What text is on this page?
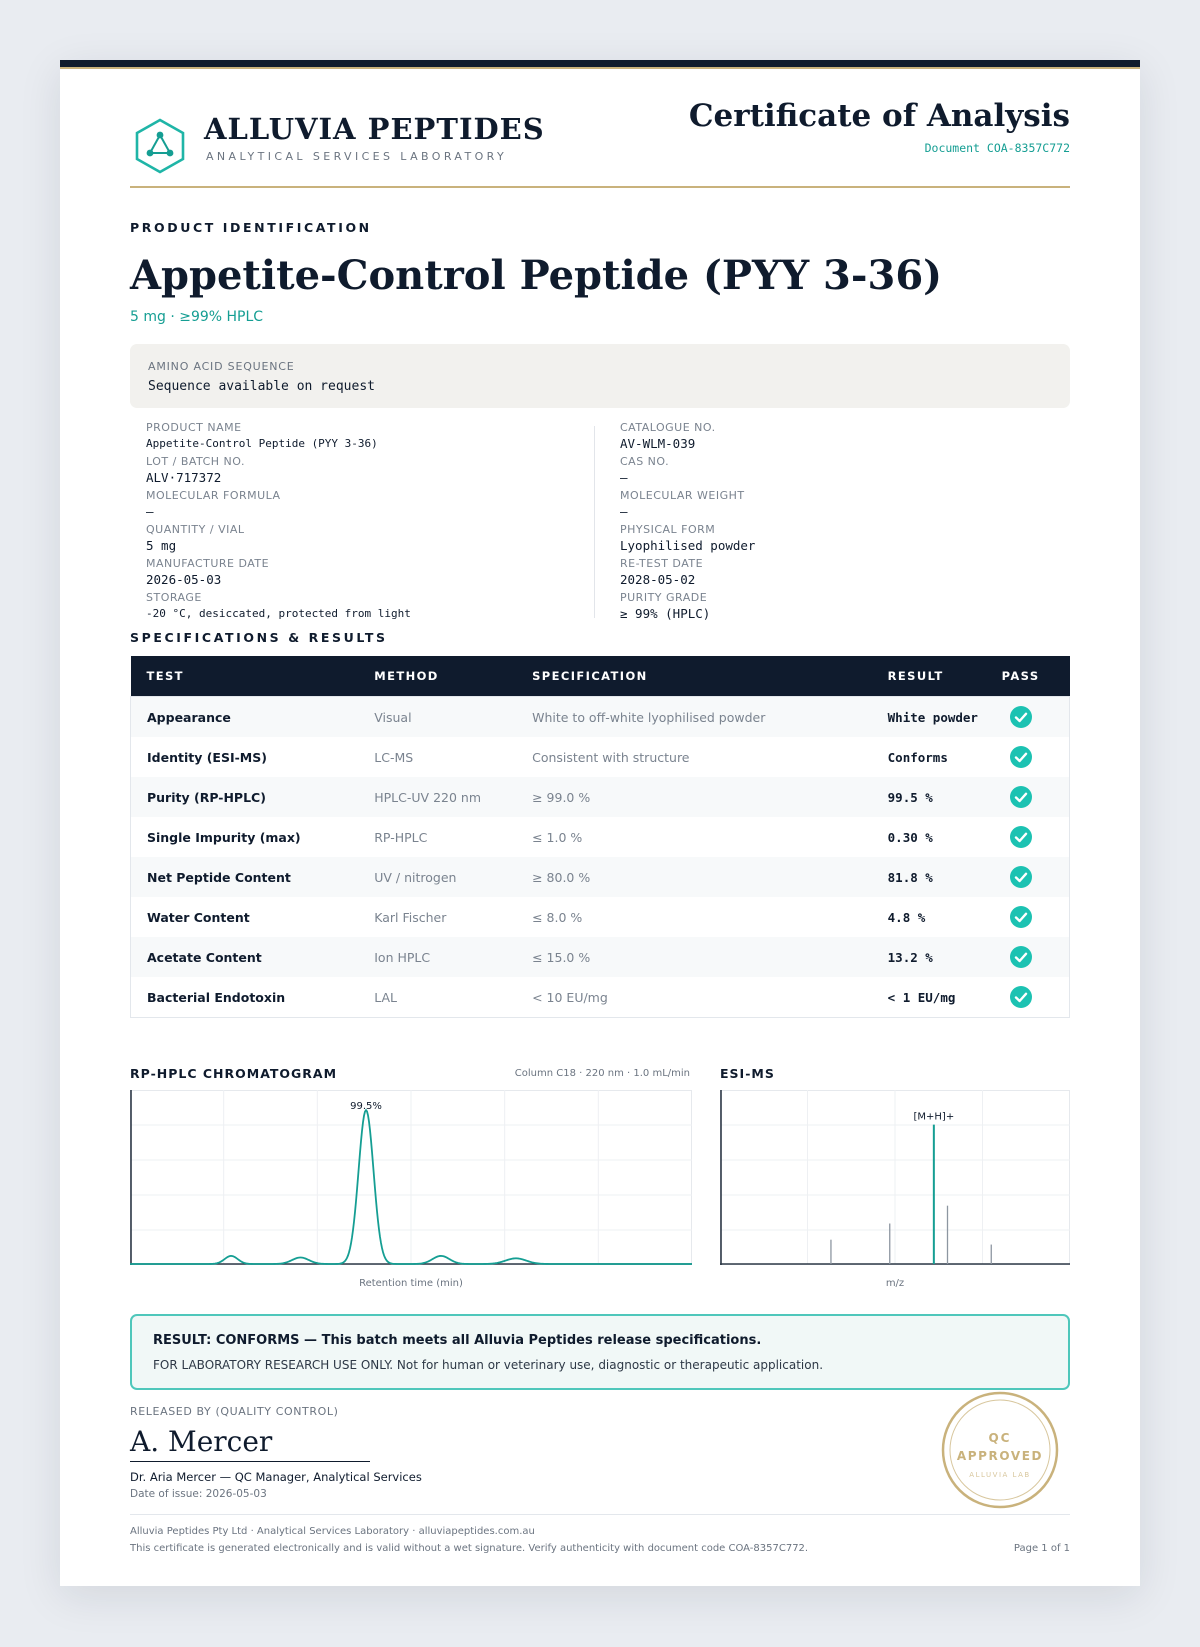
ALLUVIA PEPTIDES
ANALYTICAL SERVICES LABORATORY
Certificate of Analysis
Document COA-8357C772
PRODUCT IDENTIFICATION
Appetite-Control Peptide (PYY 3-36)
5 mg · ≥99% HPLC
AMINO ACID SEQUENCE
Sequence available on request
PRODUCT NAME
Appetite-Control Peptide (PYY 3-36)
LOT / BATCH NO.
ALV·717372
MOLECULAR FORMULA
—
QUANTITY / VIAL
5 mg
MANUFACTURE DATE
2026-05-03
STORAGE
-20 °C, desiccated, protected from light
CATALOGUE NO.
AV-WLM-039
CAS NO.
—
MOLECULAR WEIGHT
—
PHYSICAL FORM
Lyophilised powder
RE-TEST DATE
2028-05-02
PURITY GRADE
≥ 99% (HPLC)
SPECIFICATIONS & RESULTS
TEST	METHOD	SPECIFICATION	RESULT	PASS
Appearance	Visual	White to off-white lyophilised powder	White powder	

Identity (ESI-MS)	LC-MS	Consistent with structure	Conforms	

Purity (RP-HPLC)	HPLC-UV 220 nm	≥ 99.0 %	99.5 %	

Single Impurity (max)	RP-HPLC	≤ 1.0 %	0.30 %	

Net Peptide Content	UV / nitrogen	≥ 80.0 %	81.8 %	

Water Content	Karl Fischer	≤ 8.0 %	4.8 %	

Acetate Content	Ion HPLC	≤ 15.0 %	13.2 %	

Bacterial Endotoxin	LAL	< 10 EU/mg	< 1 EU/mg	
RP-HPLC CHROMATOGRAM	Column C18 · 220 nm · 1.0 mL/min
99.5%
Retention time (min)
ESI-MS
[M+H]+
m/z
RESULT: CONFORMS — This batch meets all Alluvia Peptides release specifications.
FOR LABORATORY RESEARCH USE ONLY. Not for human or veterinary use, diagnostic or therapeutic application.
RELEASED BY (QUALITY CONTROL)
A. Mercer
Dr. Aria Mercer — QC Manager, Analytical Services
Date of issue: 2026-05-03
QC
APPROVED
ALLUVIA LAB
Alluvia Peptides Pty Ltd · Analytical Services Laboratory · alluviapeptides.com.au
This certificate is generated electronically and is valid without a wet signature. Verify authenticity with document code COA-8357C772.	Page 1 of 1
